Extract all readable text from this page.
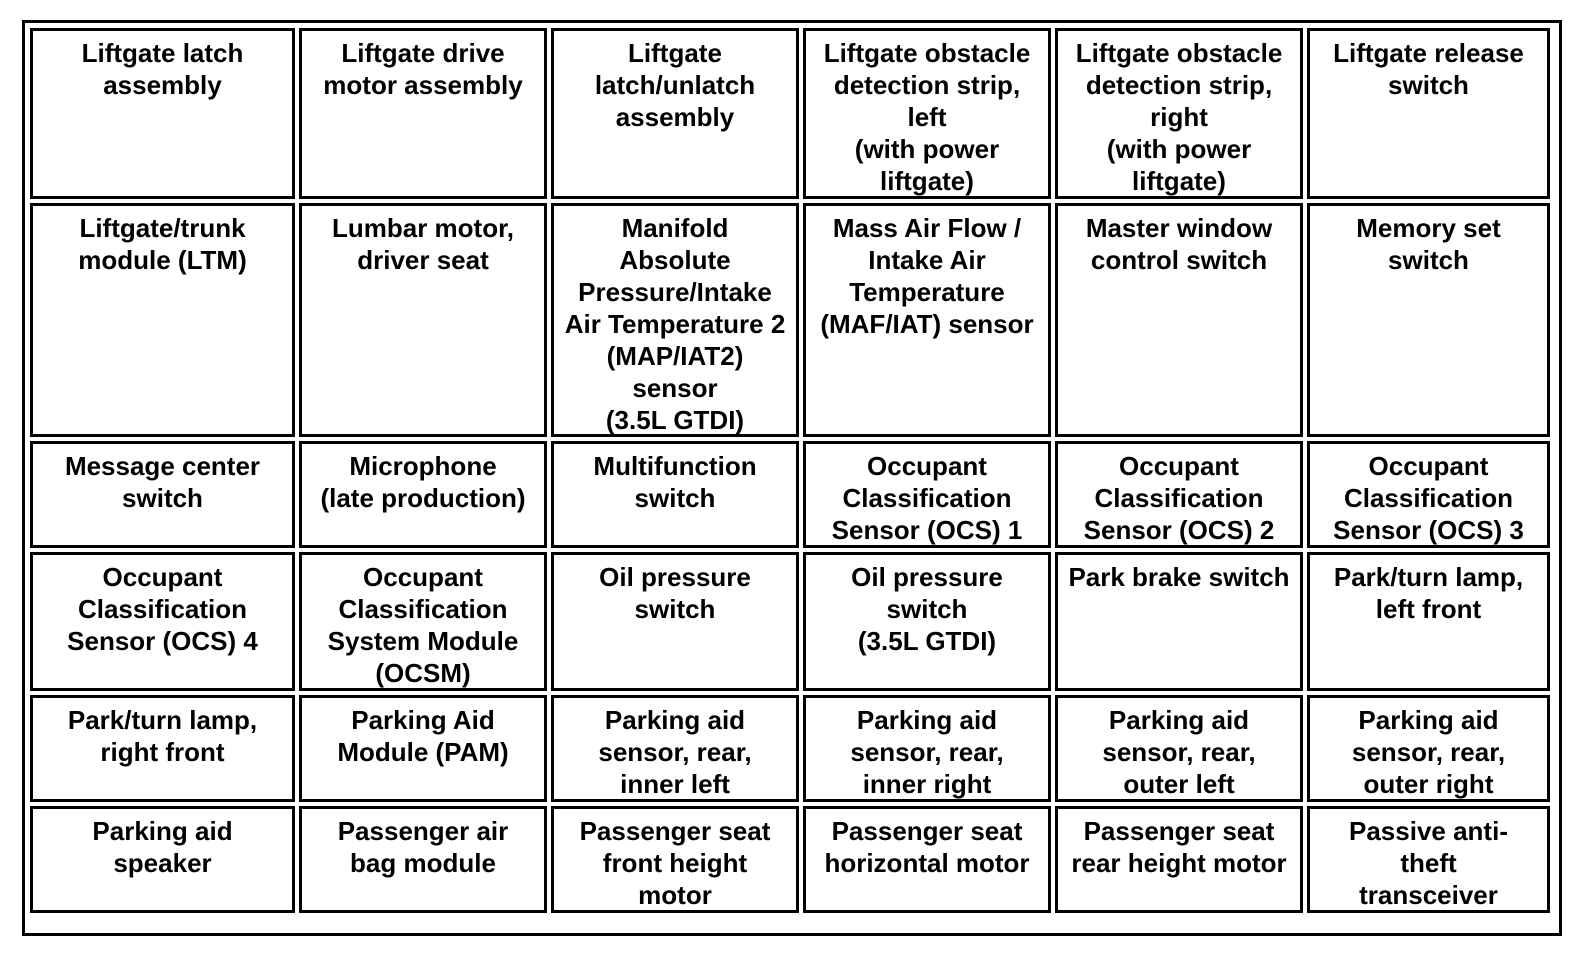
Liftgate latch
assembly
Liftgate drive
motor assembly
Liftgate
latch/unlatch
assembly
Liftgate obstacle
detection strip,
left
(with power
liftgate)
Liftgate obstacle
detection strip,
right
(with power
liftgate)
Liftgate release
switch
Liftgate/trunk
module (LTM)
Lumbar motor,
driver seat
Manifold
Absolute
Pressure/Intake
Air Temperature 2
(MAP/IAT2)
sensor
(3.5L GTDI)
Mass Air Flow /
Intake Air
Temperature
(MAF/IAT) sensor
Master window
control switch
Memory set
switch
Message center
switch
Microphone
(late production)
Multifunction
switch
Occupant
Classification
Sensor (OCS) 1
Occupant
Classification
Sensor (OCS) 2
Occupant
Classification
Sensor (OCS) 3
Occupant
Classification
Sensor (OCS) 4
Occupant
Classification
System Module
(OCSM)
Oil pressure
switch
Oil pressure
switch
(3.5L GTDI)
Park brake switch Park/turn lamp,
left front
Park/turn lamp,
right front
Parking Aid
Module (PAM)
Parking aid
sensor, rear,
inner left
Parking aid
sensor, rear,
inner right
Parking aid
sensor, rear,
outer left
Parking aid
sensor, rear,
outer right
Parking aid
speaker
Passenger air
bag module
Passenger seat
front height
motor
Passenger seat
horizontal motor
Passenger seat
rear height motor
Passive anti-
theft
transceiver
